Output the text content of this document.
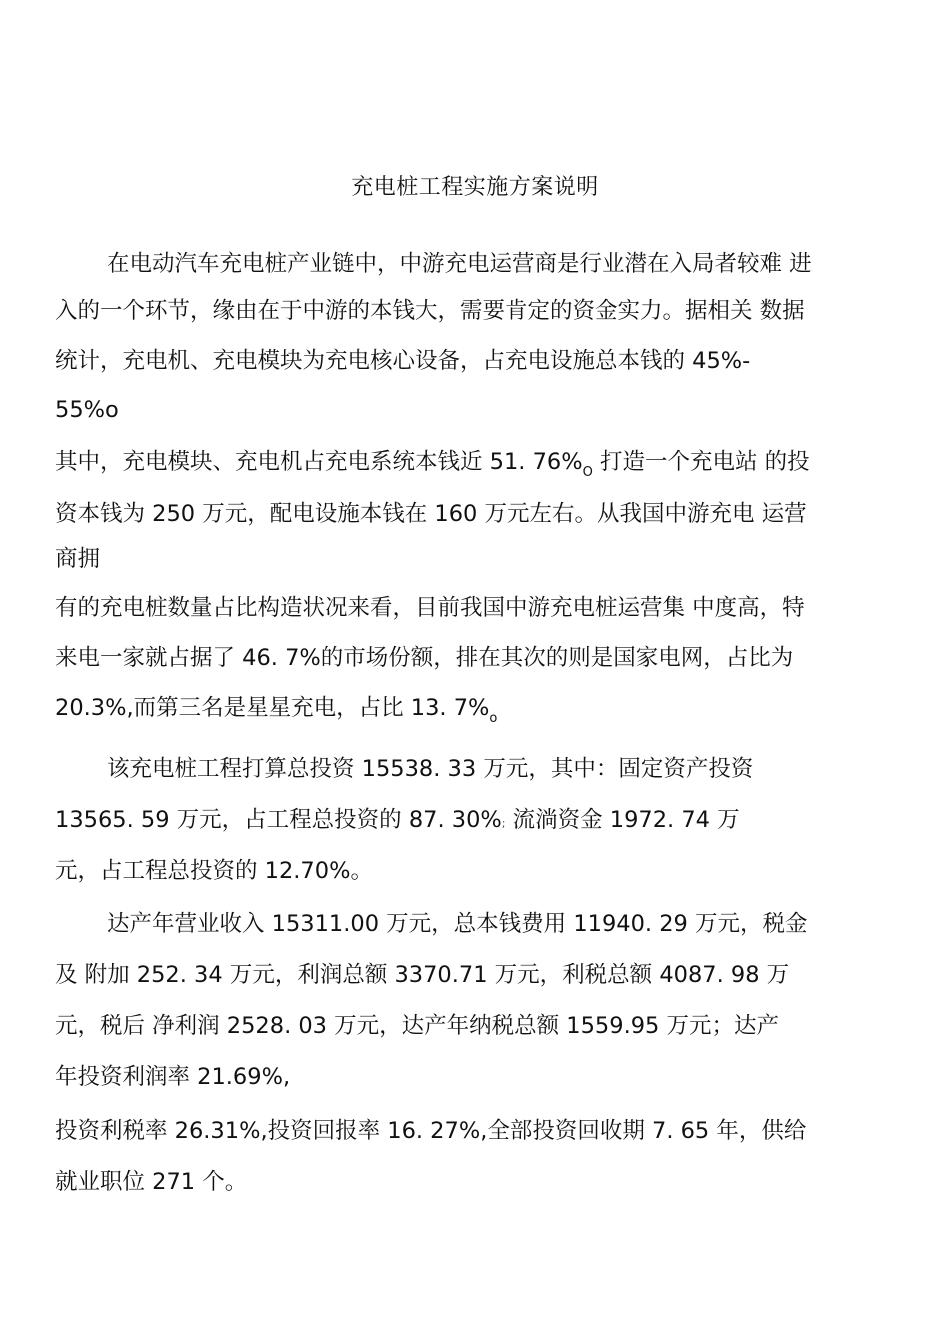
充电桩工程实施方案说明
在电动汽车充电桩产业链中，中游充电运营商是行业潜在入局者较难 进
入的一个环节，缘由在于中游的本钱大，需要肯定的资金实力。据相关 数据
统计，充电机、充电模块为充电核心设备，占充电设施总本钱的 45%-
55%o
其中，充电模块、充电机占充电系统本钱近 51. $76\%_O$ 打造一个充电站 的投
资本钱为 250 万元，配电设施本钱在 160 万元左右。从我国中游充电 运营
商拥
有的充电桩数量占比构造状况来看，目前我国中游充电桩运营集 中度高，特
来电一家就占据了 46. 7%的市场份额，排在其次的则是国家电网，占比为
20.3%,而第三名是星星充电，占比 13. $7\%_o$
该充电桩工程打算总投资 15538. 33 万元，其中：固定资产投资
13565. 59 万元，占工程总投资的 87. 30%; 流淌资金 1972. 74 万
元，占工程总投资的 12.70%。
达产年营业收入 15311.00 万元，总本钱费用 11940. 29 万元，税金
及 附加 252. 34 万元，利润总额 3370.71 万元，利税总额 4087. 98 万
元，税后 净利润 2528. 03 万元，达产年纳税总额 1559.95 万元；达产
年投资利润率 21.69%,
投资利税率 26.31%,投资回报率 16. 27%,全部投资回收期 7. 65 年，供给
就业职位 271 个。
